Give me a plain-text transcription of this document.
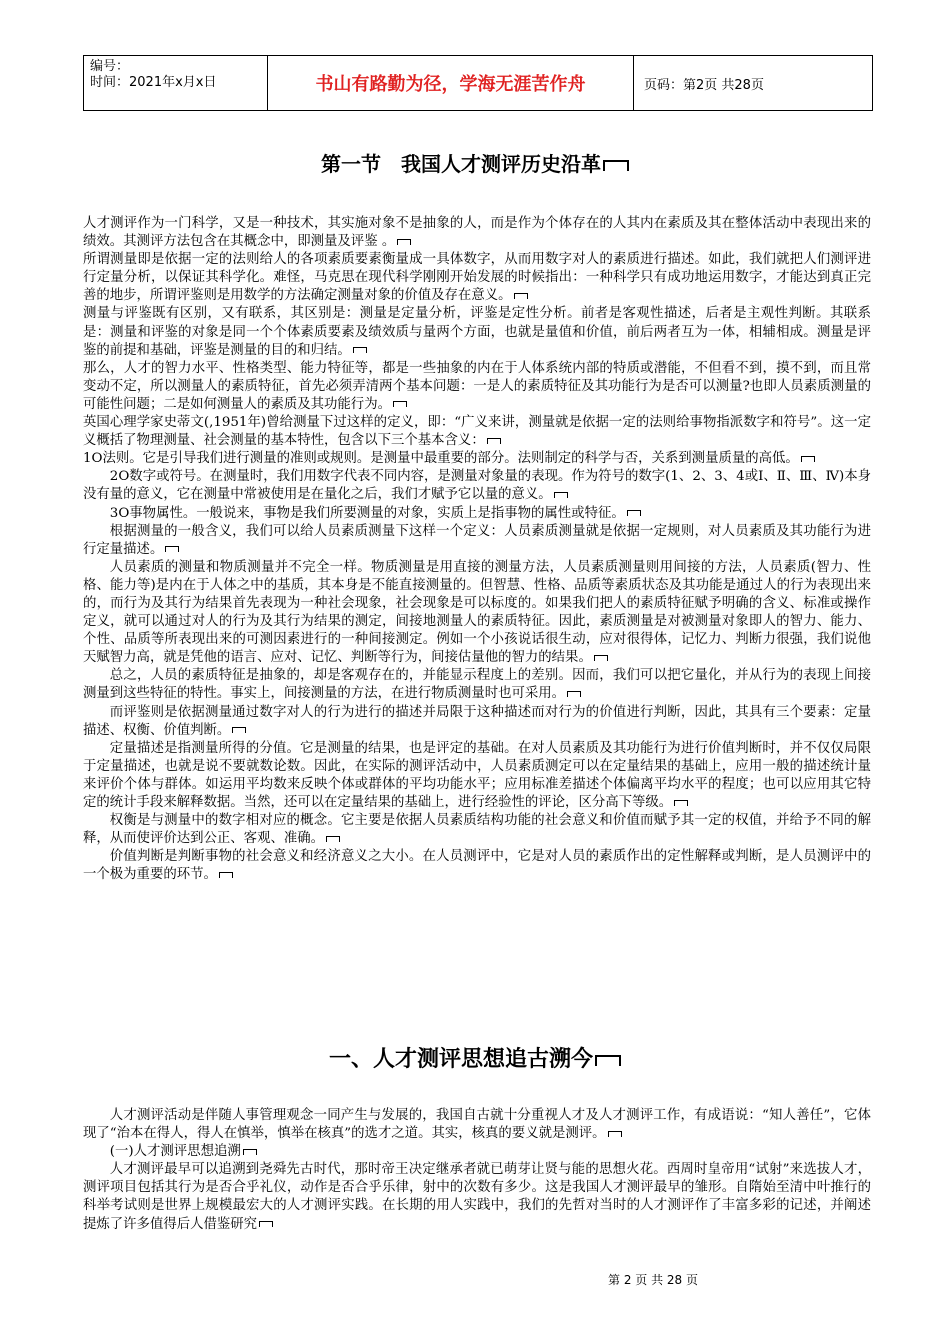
编号：
时间：2021年x月x日	书山有路勤为径，学海无涯苦作舟	页码：第2页 共28页
第一节　我国人才测评历史沿革

人才测评作为一门科学，又是一种技术，其实施对象不是抽象的人，而是作为个体存在的人其内在素质及其在整体活动中表现出来的绩效。其测评方法包含在其概念中，即测量及评鉴 。

所谓测量即是依据一定的法则给人的各项素质要素衡量成一具体数字，从而用数字对人的素质进行描述。如此，我们就把人们测评进行定量分析，以保证其科学化。难怪，马克思在现代科学刚刚开始发展的时候指出：一种科学只有成功地运用数字，才能达到真正完善的地步，所谓评鉴则是用数学的方法确定测量对象的价值及存在意义。

测量与评鉴既有区别，又有联系，其区别是：测量是定量分析，评鉴是定性分析。前者是客观性描述，后者是主观性判断。其联系是：测量和评鉴的对象是同一个个体素质要素及绩效质与量两个方面，也就是量值和价值，前后两者互为一体，相辅相成。测量是评鉴的前提和基础，评鉴是测量的目的和归结。

那么，人才的智力水平、性格类型、能力特征等，都是一些抽象的内在于人体系统内部的特质或潜能，不但看不到，摸不到，而且常变动不定，所以测量人的素质特征，首先必须弄清两个基本问题：一是人的素质特征及其功能行为是否可以测量?也即人员素质测量的可能性问题；二是如何测量人的素质及其功能行为。

英国心理学家史蒂文(,1951年)曾给测量下过这样的定义，即：“广义来讲，测量就是依据一定的法则给事物指派数字和符号”。这一定义概括了物理测量、社会测量的基本特性，包含以下三个基本含义：

1O法则。它是引导我们进行测量的准则或规则。是测量中最重要的部分。法则制定的科学与否，关系到测量质量的高低。

2O数字或符号。在测量时，我们用数字代表不同内容，是测量对象量的表现。作为符号的数字(1、2、3、4或Ⅰ、Ⅱ、Ⅲ、Ⅳ)本身没有量的意义，它在测量中常被使用是在量化之后，我们才赋予它以量的意义。

3O事物属性。一般说来，事物是我们所要测量的对象，实质上是指事物的属性或特征。

根据测量的一般含义，我们可以给人员素质测量下这样一个定义：人员素质测量就是依据一定规则，对人员素质及其功能行为进行定量描述。

人员素质的测量和物质测量并不完全一样。物质测量是用直接的测量方法，人员素质测量则用间接的方法，人员素质(智力、性格、能力等)是内在于人体之中的基质，其本身是不能直接测量的。但智慧、性格、品质等素质状态及其功能是通过人的行为表现出来的，而行为及其行为结果首先表现为一种社会现象，社会现象是可以标度的。如果我们把人的素质特征赋予明确的含义、标准或操作定义，就可以通过对人的行为及其行为结果的测定，间接地测量人的素质特征。因此，素质测量是对被测量对象即人的智力、能力、个性、品质等所表现出来的可测因素进行的一种间接测定。例如一个小孩说话很生动，应对很得体，记忆力、判断力很强，我们说他天赋智力高，就是凭他的语言、应对、记忆、判断等行为，间接估量他的智力的结果。

总之，人员的素质特征是抽象的，却是客观存在的，并能显示程度上的差别。因而，我们可以把它量化，并从行为的表现上间接测量到这些特征的特性。事实上，间接测量的方法，在进行物质测量时也可采用。

而评鉴则是依据测量通过数字对人的行为进行的描述并局限于这种描述而对行为的价值进行判断，因此，其具有三个要素：定量描述、权衡、价值判断。

定量描述是指测量所得的分值。它是测量的结果，也是评定的基础。在对人员素质及其功能行为进行价值判断时，并不仅仅局限于定量描述，也就是说不要就数论数。因此，在实际的测评活动中，人员素质测定可以在定量结果的基础上，应用一般的描述统计量来评价个体与群体。如运用平均数来反映个体或群体的平均功能水平；应用标准差描述个体偏离平均水平的程度；也可以应用其它特定的统计手段来解释数据。当然，还可以在定量结果的基础上，进行经验性的评论，区分高下等级。

权衡是与测量中的数字相对应的概念。它主要是依据人员素质结构功能的社会意义和价值而赋予其一定的权值，并给予不同的解释，从而使评价达到公正、客观、准确。

价值判断是判断事物的社会意义和经济意义之大小。在人员测评中，它是对人员的素质作出的定性解释或判断，是人员测评中的一个极为重要的环节。

一、人才测评思想追古溯今

人才测评活动是伴随人事管理观念一同产生与发展的，我国自古就十分重视人才及人才测评工作，有成语说：“知人善任”，它体现了“治本在得人，得人在慎举，慎举在核真”的选才之道。其实，核真的要义就是测评。

(一)人才测评思想追溯

人才测评最早可以追溯到尧舜先古时代，那时帝王决定继承者就已萌芽让贤与能的思想火花。西周时皇帝用“试射”来选拔人才，测评项目包括其行为是否合乎礼仪，动作是否合乎乐律，射中的次数有多少。这是我国人才测评最早的雏形。自隋始至清中叶推行的科举考试则是世界上规模最宏大的人才测评实践。在长期的用人实践中，我们的先哲对当时的人才测评作了丰富多彩的记述，并阐述提炼了许多值得后人借鉴研究

第 2 页 共 28 页
